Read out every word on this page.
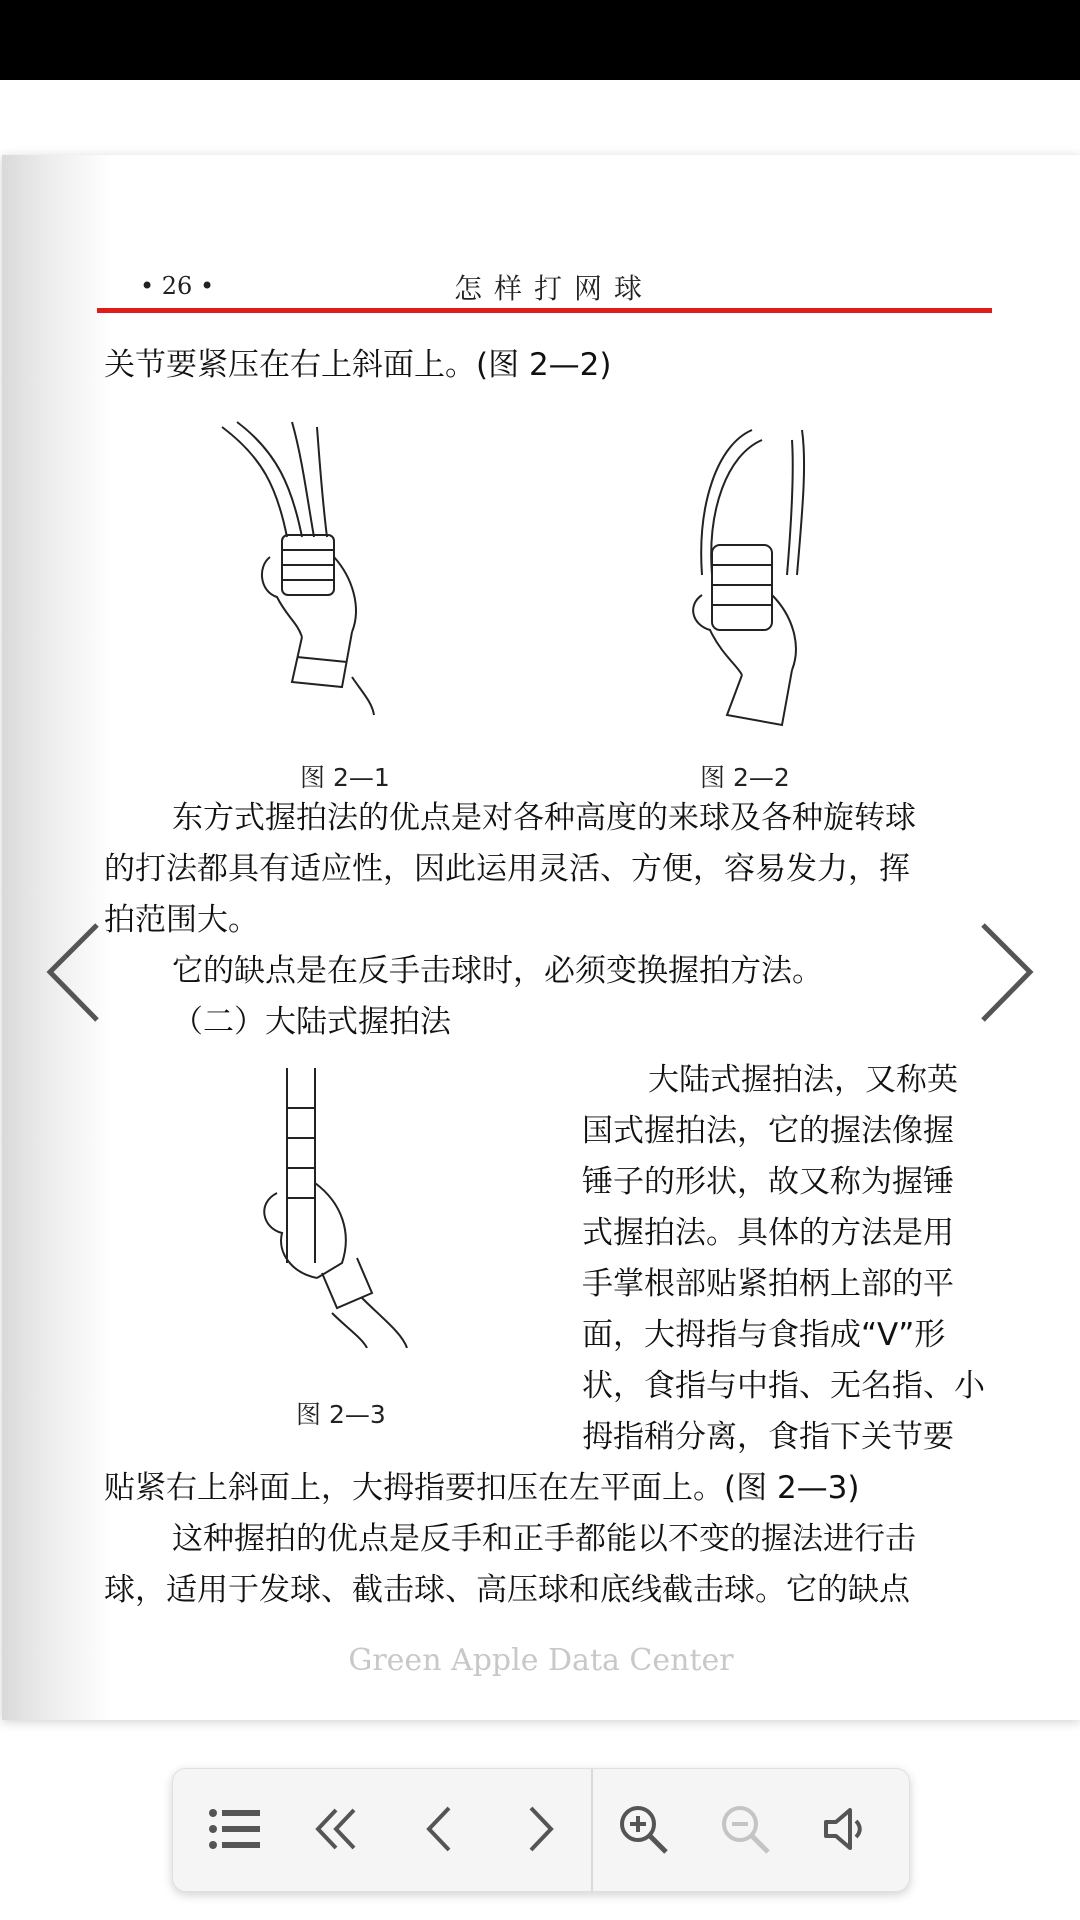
• 26 •	怎样打网球

关节要紧压在右上斜面上。(图 2—2)

图 2—1	图 2—2
东方式握拍法的优点是对各种高度的来球及各种旋转球
的打法都具有适应性，因此运用灵活、方便，容易发力，挥
拍范围大。
它的缺点是在反手击球时，必须变换握拍方法。
（二）大陆式握拍法
图 2—3
大陆式握拍法，又称英
国式握拍法，它的握法像握
锤子的形状，故又称为握锤
式握拍法。具体的方法是用
手掌根部贴紧拍柄上部的平
面，大拇指与食指成“V”形
状，食指与中指、无名指、小
拇指稍分离，食指下关节要
贴紧右上斜面上，大拇指要扣压在左平面上。(图 2—3)
这种握拍的优点是反手和正手都能以不变的握法进行击
球，适用于发球、截击球、高压球和底线截击球。它的缺点
Green Apple Data Center
